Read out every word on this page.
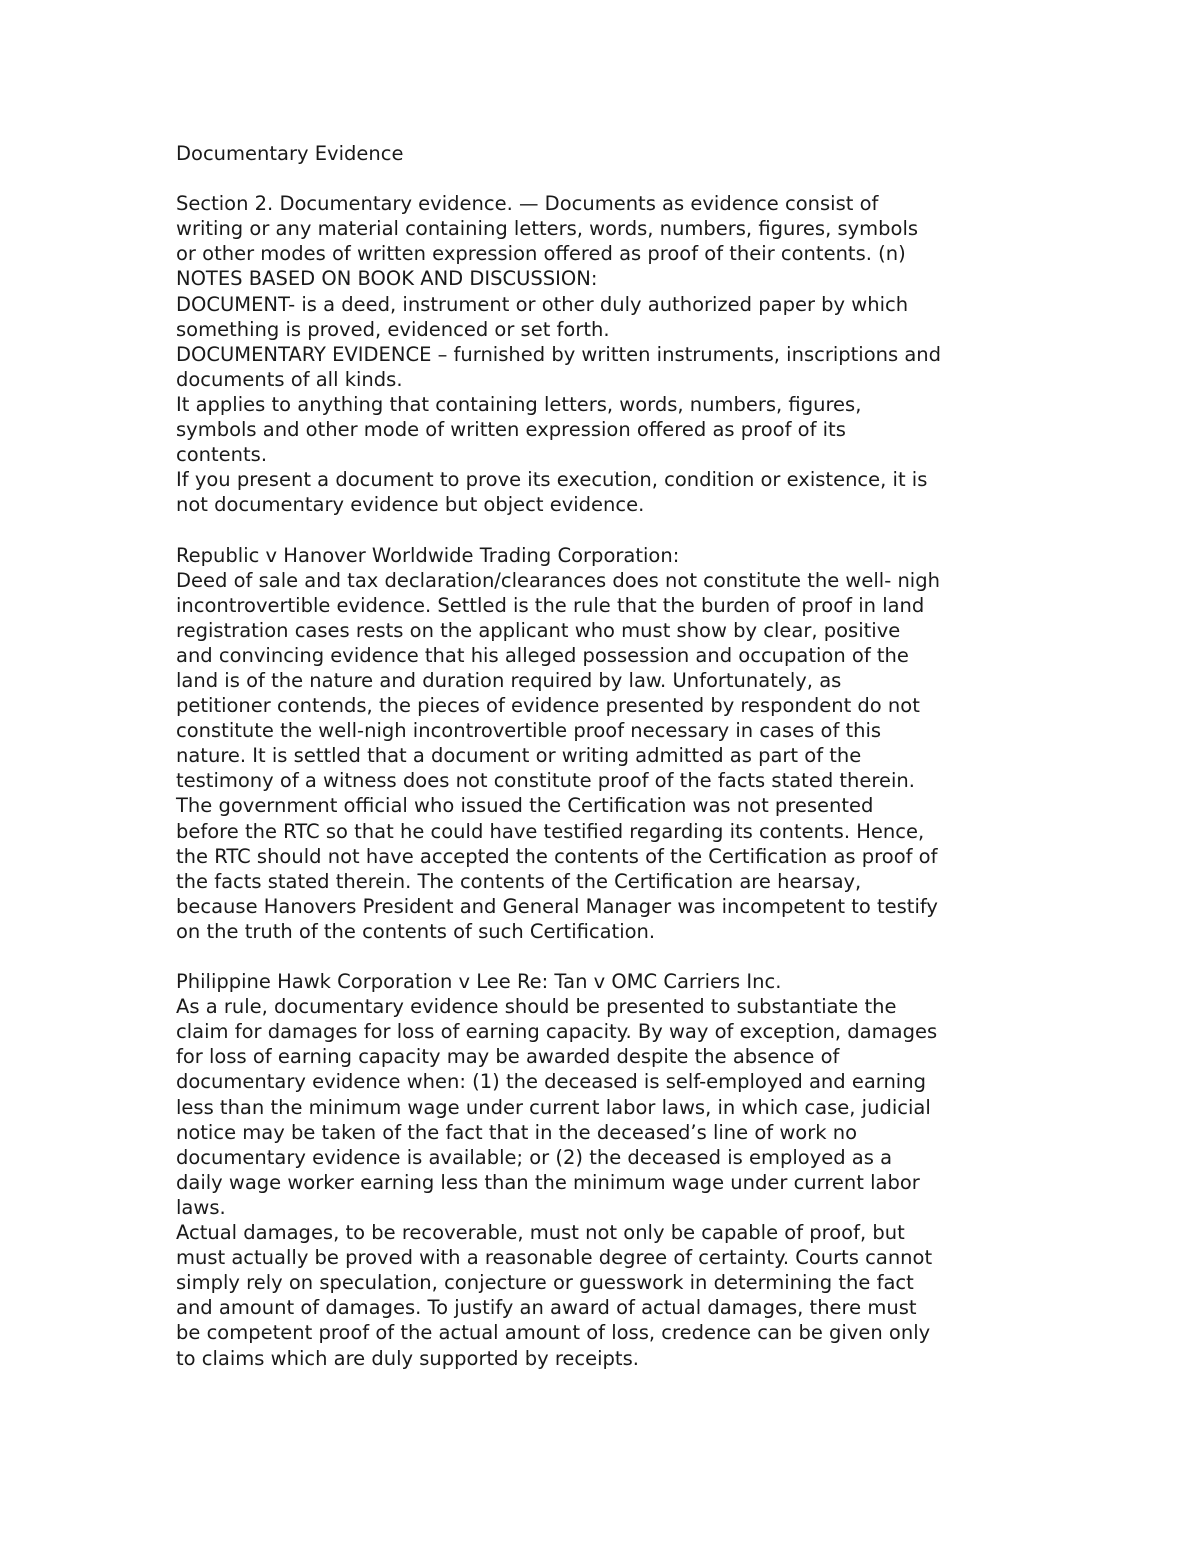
Documentary Evidence
Section 2. Documentary evidence. — Documents as evidence consist of
writing or any material containing letters, words, numbers, figures, symbols
or other modes of written expression offered as proof of their contents. (n)
NOTES BASED ON BOOK AND DISCUSSION:
DOCUMENT- is a deed, instrument or other duly authorized paper by which
something is proved, evidenced or set forth.
DOCUMENTARY EVIDENCE – furnished by written instruments, inscriptions and
documents of all kinds.
It applies to anything that containing letters, words, numbers, figures,
symbols and other mode of written expression offered as proof of its
contents.
If you present a document to prove its execution, condition or existence, it is
not documentary evidence but object evidence.
Republic v Hanover Worldwide Trading Corporation:
Deed of sale and tax declaration/clearances does not constitute the well- nigh
incontrovertible evidence. Settled is the rule that the burden of proof in land
registration cases rests on the applicant who must show by clear, positive
and convincing evidence that his alleged possession and occupation of the
land is of the nature and duration required by law. Unfortunately, as
petitioner contends, the pieces of evidence presented by respondent do not
constitute the well-nigh incontrovertible proof necessary in cases of this
nature. It is settled that a document or writing admitted as part of the
testimony of a witness does not constitute proof of the facts stated therein.
The government official who issued the Certification was not presented
before the RTC so that he could have testified regarding its contents. Hence,
the RTC should not have accepted the contents of the Certification as proof of
the facts stated therein. The contents of the Certification are hearsay,
because Hanovers President and General Manager was incompetent to testify
on the truth of the contents of such Certification.
Philippine Hawk Corporation v Lee Re: Tan v OMC Carriers Inc.
As a rule, documentary evidence should be presented to substantiate the
claim for damages for loss of earning capacity. By way of exception, damages
for loss of earning capacity may be awarded despite the absence of
documentary evidence when: (1) the deceased is self-employed and earning
less than the minimum wage under current labor laws, in which case, judicial
notice may be taken of the fact that in the deceased’s line of work no
documentary evidence is available; or (2) the deceased is employed as a
daily wage worker earning less than the minimum wage under current labor
laws.
Actual damages, to be recoverable, must not only be capable of proof, but
must actually be proved with a reasonable degree of certainty. Courts cannot
simply rely on speculation, conjecture or guesswork in determining the fact
and amount of damages. To justify an award of actual damages, there must
be competent proof of the actual amount of loss, credence can be given only
to claims which are duly supported by receipts.
